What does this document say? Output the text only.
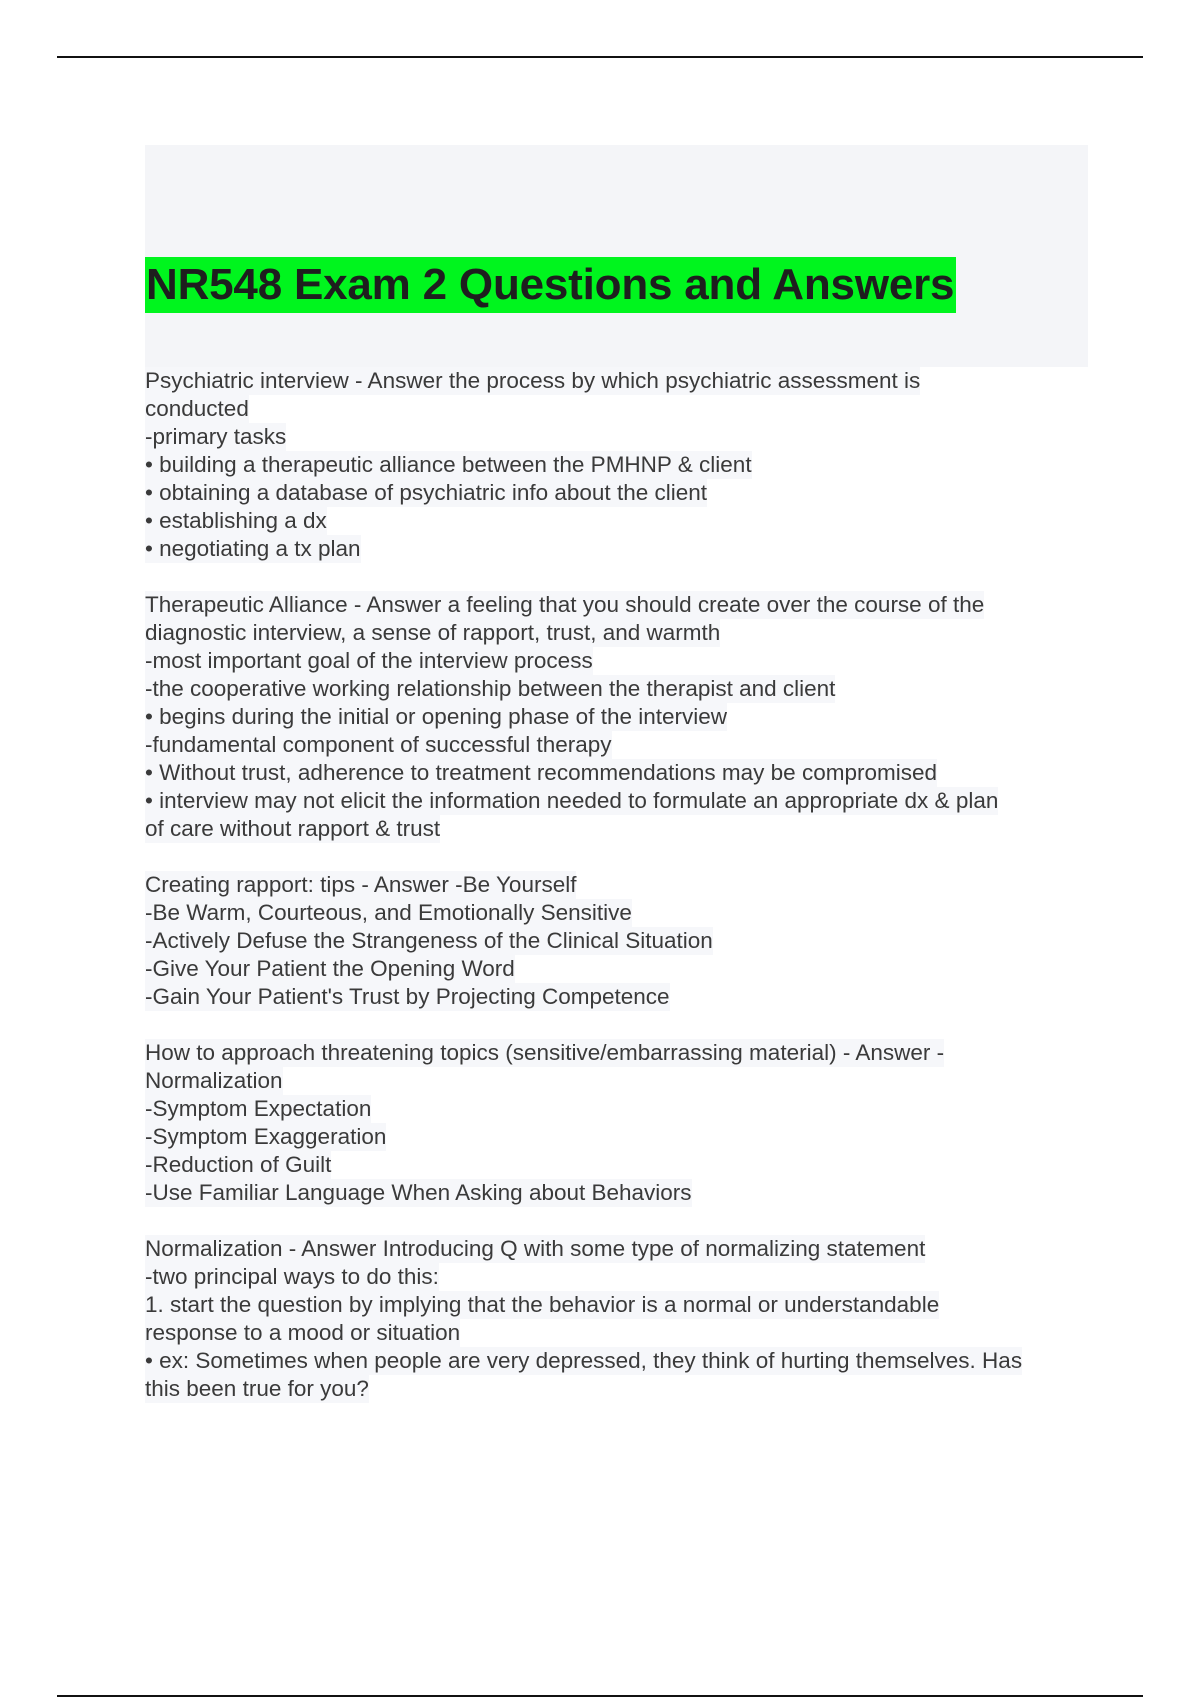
NR548 Exam 2 Questions and Answers
Psychiatric interview - Answer the process by which psychiatric assessment is
conducted
-primary tasks
• building a therapeutic alliance between the PMHNP & client
• obtaining a database of psychiatric info about the client
• establishing a dx
• negotiating a tx plan
Therapeutic Alliance - Answer a feeling that you should create over the course of the
diagnostic interview, a sense of rapport, trust, and warmth
-most important goal of the interview process
-the cooperative working relationship between the therapist and client
• begins during the initial or opening phase of the interview
-fundamental component of successful therapy
• Without trust, adherence to treatment recommendations may be compromised
• interview may not elicit the information needed to formulate an appropriate dx & plan
of care without rapport & trust
Creating rapport: tips - Answer -Be Yourself
-Be Warm, Courteous, and Emotionally Sensitive
-Actively Defuse the Strangeness of the Clinical Situation
-Give Your Patient the Opening Word
-Gain Your Patient's Trust by Projecting Competence
How to approach threatening topics (sensitive/embarrassing material) - Answer -
Normalization
-Symptom Expectation
-Symptom Exaggeration
-Reduction of Guilt
-Use Familiar Language When Asking about Behaviors
Normalization - Answer Introducing Q with some type of normalizing statement
-two principal ways to do this:
1. start the question by implying that the behavior is a normal or understandable
response to a mood or situation
• ex: Sometimes when people are very depressed, they think of hurting themselves. Has
this been true for you?
